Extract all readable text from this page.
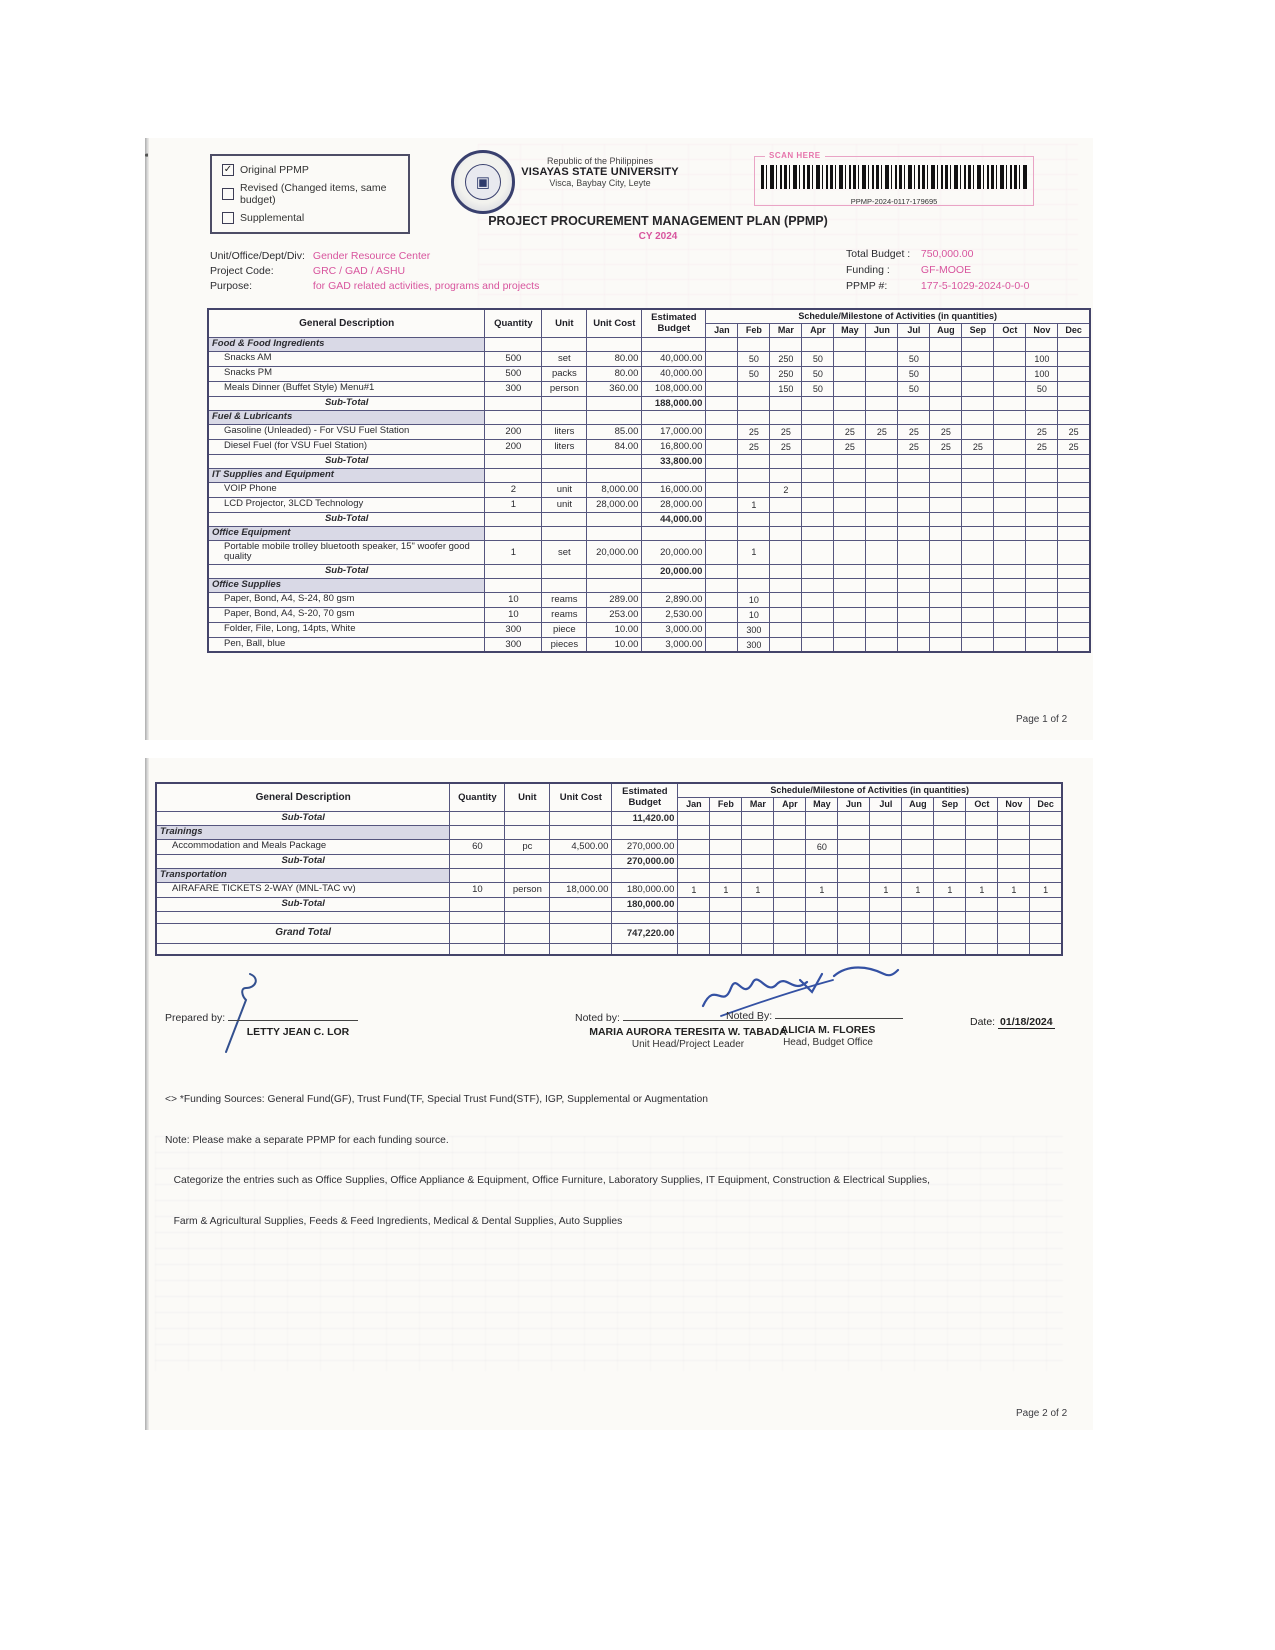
✓ Original PPMP
Revised (Changed items, same budget)
Supplemental
▣
Republic of the Philippines
VISAYAS STATE UNIVERSITY
Visca, Baybay City, Leyte
SCAN HERE
PPMP-2024-0117-179695
PROJECT PROCUREMENT MANAGEMENT PLAN (PPMP)
CY 2024
Unit/Office/Dept/Div: Gender Resource Center
Project Code:	GRC / GAD / ASHU
Purpose:	for GAD related activities, programs and projects
Total Budget : 750,000.00
Funding :	GF-MOOE
PPMP #:	177-5-1029-2024-0-0-0
General Description	Quantity	Unit	Unit Cost	Estimated Budget	Schedule/Milestone of Activities (in quantities)											
					Jan	Feb	Mar	Apr	May	Jun	Jul	Aug	Sep	Oct	Nov	Dec
Food & Food Ingredients																
Snacks AM	500	set	80.00	40,000.00		50	250	50			50				100	
Snacks PM	500	packs	80.00	40,000.00		50	250	50			50				100	
Meals Dinner (Buffet Style) Menu#1	300	person	360.00	108,000.00			150	50			50				50	
Sub-Total				188,000.00												
Fuel & Lubricants																
Gasoline (Unleaded) - For VSU Fuel Station	200	liters	85.00	17,000.00		25	25		25	25	25	25			25	25
Diesel Fuel (for VSU Fuel Station)	200	liters	84.00	16,800.00		25	25		25		25	25	25		25	25
Sub-Total				33,800.00												
IT Supplies and Equipment																
VOIP Phone	2	unit	8,000.00	16,000.00			2									
LCD Projector, 3LCD Technology	1	unit	28,000.00	28,000.00		1										
Sub-Total				44,000.00												
Office Equipment																
Portable mobile trolley bluetooth speaker, 15" woofer good quality	1	set	20,000.00	20,000.00		1										
Sub-Total				20,000.00												
Office Supplies																
Paper, Bond, A4, S-24, 80 gsm	10	reams	289.00	2,890.00		10										
Paper, Bond, A4, S-20, 70 gsm	10	reams	253.00	2,530.00		10										
Folder, File, Long, 14pts, White	300	piece	10.00	3,000.00		300										
Pen, Ball, blue	300	pieces	10.00	3,000.00		300										
Page 1 of 2
General Description	Quantity	Unit	Unit Cost	Estimated Budget	Schedule/Milestone of Activities (in quantities)											
					Jan	Feb	Mar	Apr	May	Jun	Jul	Aug	Sep	Oct	Nov	Dec
Sub-Total				11,420.00												
Trainings																
Accommodation and Meals Package	60	pc	4,500.00	270,000.00					60							
Sub-Total				270,000.00												
Transportation																
AIRAFARE TICKETS 2-WAY (MNL-TAC vv)	10	person	18,000.00	180,000.00	1	1	1		1		1	1	1	1	1	1
Sub-Total				180,000.00												

Grand Total				747,220.00												

Prepared by:
LETTY JEAN C. LOR
Noted by:
MARIA AURORA TERESITA W. TABADA
Unit Head/Project Leader
Noted By:
ALICIA M. FLORES
Head, Budget Office
Date: 01/18/2024

<> *Funding Sources: General Fund(GF), Trust Fund(TF, Special Trust Fund(STF), IGP, Supplemental or Augmentation

Note: Please make a separate PPMP for each funding source.

Categorize the entries such as Office Supplies, Office Appliance & Equipment, Office Furniture, Laboratory Supplies, IT Equipment, Construction & Electrical Supplies,

Farm & Agricultural Supplies, Feeds & Feed Ingredients, Medical & Dental Supplies, Auto Supplies

Page 2 of 2
